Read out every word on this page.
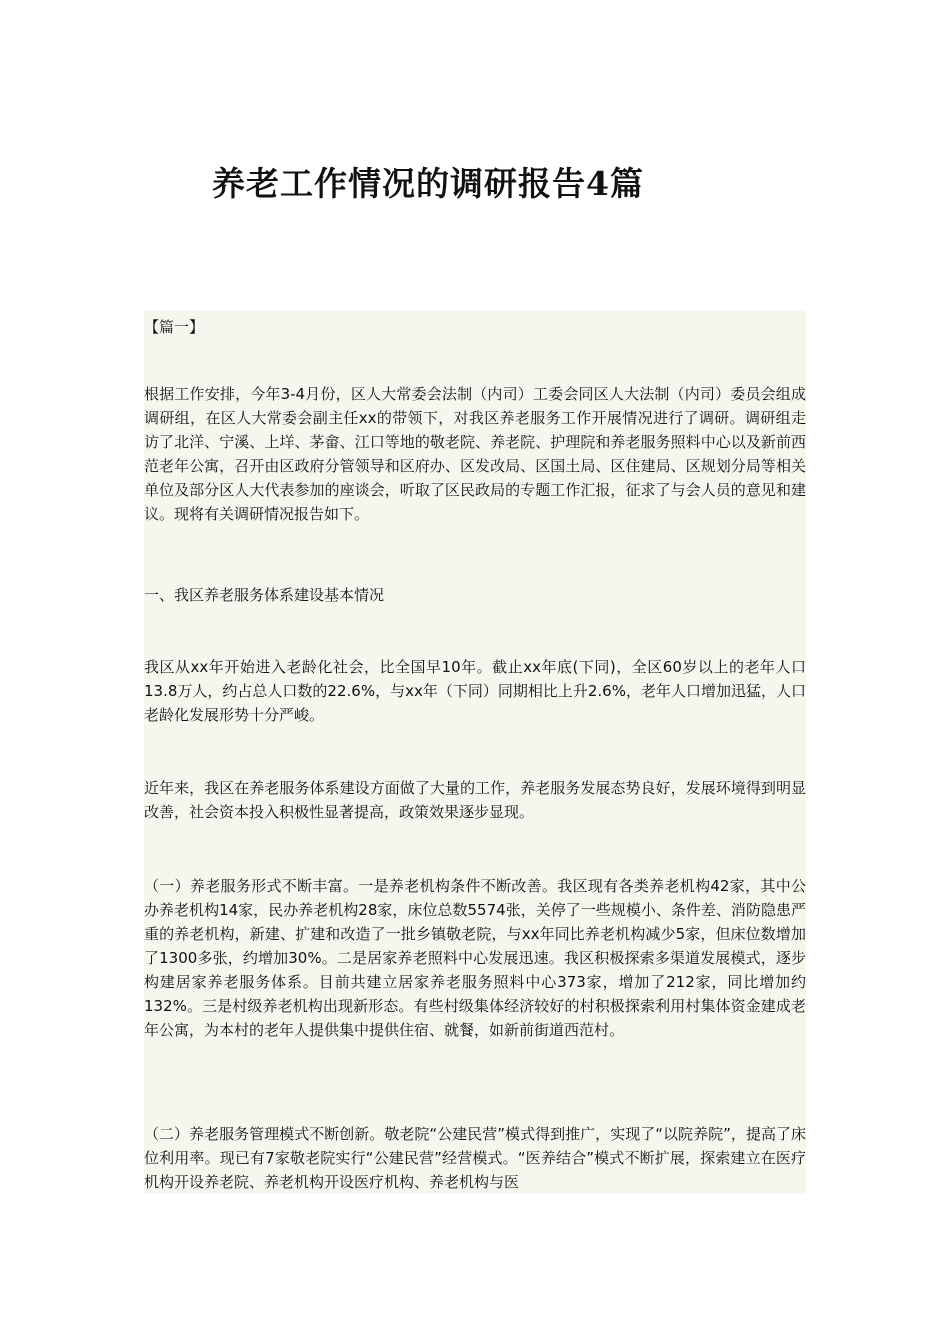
养老工作情况的调研报告4篇

【篇一】

根据工作安排，今年3-4月份，区人大常委会法制（内司）工委会同区人大法制（内司）委员会组成调研组，在区人大常委会副主任xx的带领下，对我区养老服务工作开展情况进行了调研。调研组走访了北洋、宁溪、上垟、茅畲、江口等地的敬老院、养老院、护理院和养老服务照料中心以及新前西范老年公寓，召开由区政府分管领导和区府办、区发改局、区国土局、区住建局、区规划分局等相关单位及部分区人大代表参加的座谈会，听取了区民政局的专题工作汇报，征求了与会人员的意见和建议。现将有关调研情况报告如下。

一、我区养老服务体系建设基本情况

我区从xx年开始进入老龄化社会，比全国早10年。截止xx年底(下同)，全区60岁以上的老年人口13.8万人，约占总人口数的22.6%，与xx年（下同）同期相比上升2.6%，老年人口增加迅猛，人口老龄化发展形势十分严峻。

近年来，我区在养老服务体系建设方面做了大量的工作，养老服务发展态势良好，发展环境得到明显改善，社会资本投入积极性显著提高，政策效果逐步显现。

（一）养老服务形式不断丰富。一是养老机构条件不断改善。我区现有各类养老机构42家，其中公办养老机构14家，民办养老机构28家，床位总数5574张，关停了一些规模小、条件差、消防隐患严重的养老机构，新建、扩建和改造了一批乡镇敬老院，与xx年同比养老机构减少5家，但床位数增加了1300多张，约增加30%。二是居家养老照料中心发展迅速。我区积极探索多渠道发展模式，逐步构建居家养老服务体系。目前共建立居家养老服务照料中心373家，增加了212家，同比增加约132%。三是村级养老机构出现新形态。有些村级集体经济较好的村积极探索利用村集体资金建成老年公寓，为本村的老年人提供集中提供住宿、就餐，如新前街道西范村。

（二）养老服务管理模式不断创新。敬老院“公建民营”模式得到推广，实现了“以院养院”，提高了床位利用率。现已有7家敬老院实行“公建民营”经营模式。“医养结合”模式不断扩展，探索建立在医疗机构开设养老院、养老机构开设医疗机构、养老机构与医
